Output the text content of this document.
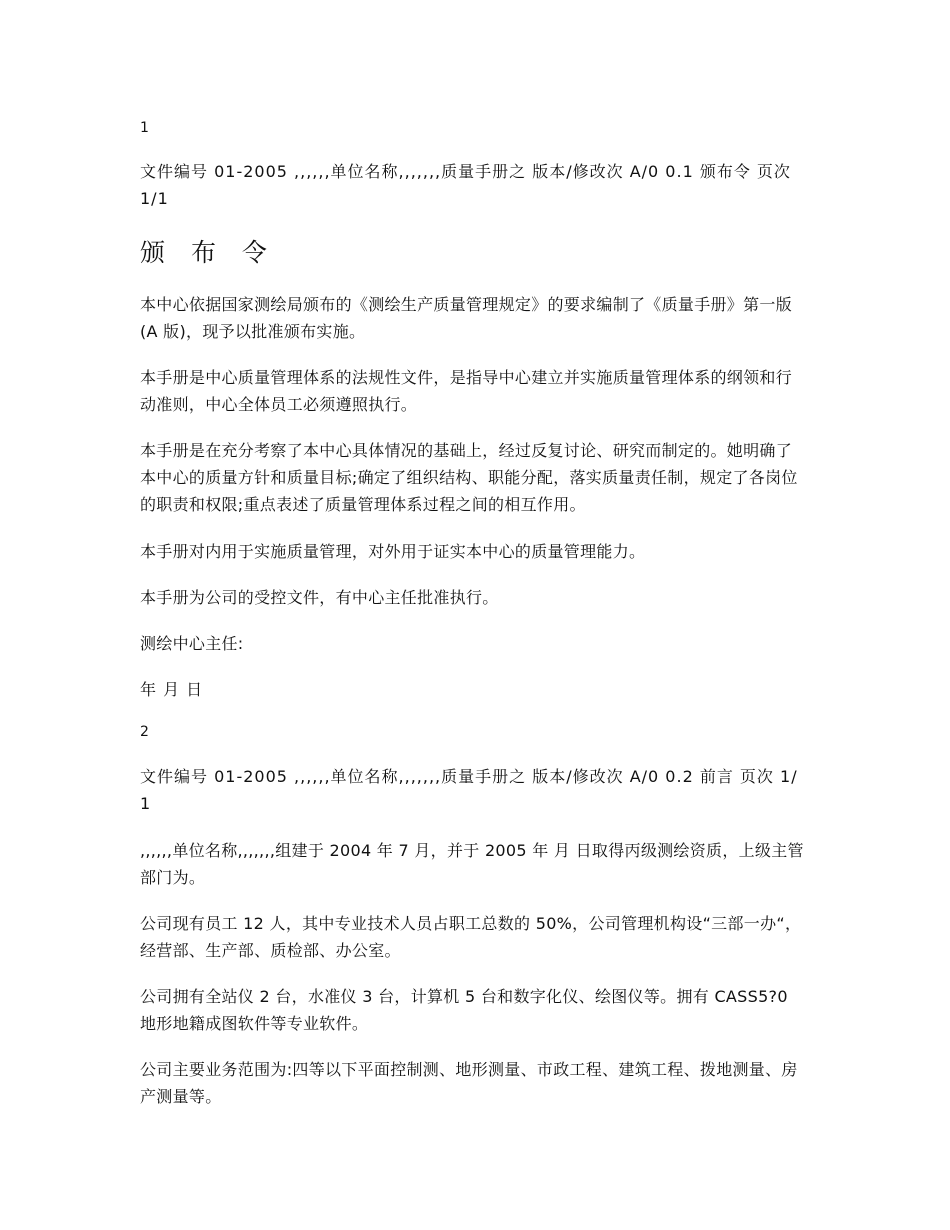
1

文件编号 01-2005 ,,,,,,单位名称,,,,,,,质量手册之 版本/修改次 A/0 0.1 颁布令 页次 1/1

颁 布 令

本中心依据国家测绘局颁布的《测绘生产质量管理规定》的要求编制了《质量手册》第一版(A 版)，现予以批准颁布实施。

本手册是中心质量管理体系的法规性文件，是指导中心建立并实施质量管理体系的纲领和行动准则，中心全体员工必须遵照执行。

本手册是在充分考察了本中心具体情况的基础上，经过反复讨论、研究而制定的。她明确了本中心的质量方针和质量目标;确定了组织结构、职能分配，落实质量责任制，规定了各岗位的职责和权限;重点表述了质量管理体系过程之间的相互作用。

本手册对内用于实施质量管理，对外用于证实本中心的质量管理能力。

本手册为公司的受控文件，有中心主任批准执行。

测绘中心主任:

年 月 日

2

文件编号 01-2005 ,,,,,,单位名称,,,,,,,质量手册之 版本/修改次 A/0 0.2 前言 页次 1/1

,,,,,,单位名称,,,,,,,组建于 2004 年 7 月，并于 2005 年 月 日取得丙级测绘资质，上级主管部门为。

公司现有员工 12 人，其中专业技术人员占职工总数的 50%，公司管理机构设“三部一办“，经营部、生产部、质检部、办公室。

公司拥有全站仪 2 台，水准仪 3 台，计算机 5 台和数字化仪、绘图仪等。拥有 CASS5?0 地形地籍成图软件等专业软件。

公司主要业务范围为:四等以下平面控制测、地形测量、市政工程、建筑工程、拨地测量、房产测量等。
